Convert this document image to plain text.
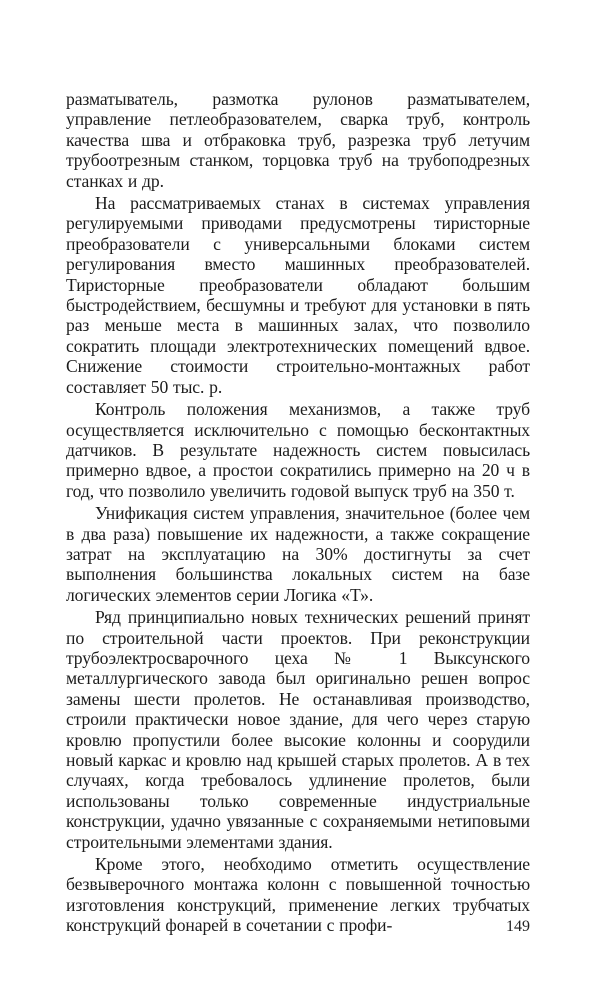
разматыватель, размотка рулонов разматывателем, управление петлеобразователем, сварка труб, контроль качества шва и отбраковка труб, разрезка труб летучим трубоотрезным станком, торцовка труб на трубоподрезных станках и др.

На рассматриваемых станах в системах управления регулируемыми приводами предусмотрены тиристорные преобразователи с универсальными блоками систем регулирования вместо машинных преобразователей. Тиристорные преобразователи обладают большим быстродействием, бесшумны и требуют для установки в пять раз меньше места в машинных залах, что позволило сократить площади электротехнических помещений вдвое. Снижение стоимости строительно-монтажных работ составляет 50 тыс. р.

Контроль положения механизмов, а также труб осуществляется исключительно с помощью бесконтактных датчиков. В результате надежность систем повысилась примерно вдвое, а простои сократились примерно на 20 ч в год, что позволило увеличить годовой выпуск труб на 350 т.

Унификация систем управления, значительное (более чем в два раза) повышение их надежности, а также сокращение затрат на эксплуатацию на 30% достигнуты за счет выполнения большинства локальных систем на базе логических элементов серии Логика «Т».

Ряд принципиально новых технических решений принят по строительной части проектов. При реконструкции трубоэлектросварочного цеха № 1 Выксунского металлургического завода был оригинально решен вопрос замены шести пролетов. Не останавливая производство, строили практически новое здание, для чего через старую кровлю пропустили более высокие колонны и соорудили новый каркас и кровлю над крышей старых пролетов. А в тех случаях, когда требовалось удлинение пролетов, были использованы только современные индустриальные конструкции, удачно увязанные с сохраняемыми нетиповыми строительными элементами здания.

Кроме этого, необходимо отметить осуществление безвыверочного монтажа колонн с повышенной точностью изготовления конструкций, применение легких трубчатых конструкций фонарей в сочетании с профи-	149
